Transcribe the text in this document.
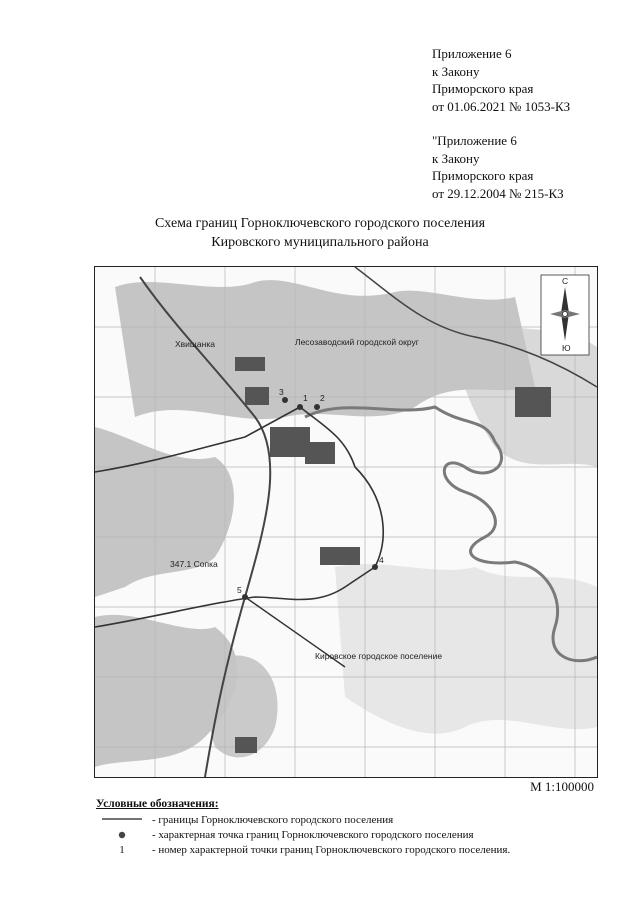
Приложение 6
к Закону
Приморского края
от 01.06.2021 № 1053-КЗ
"Приложение 6
к Закону
Приморского края
от 29.12.2004 № 215-КЗ
Схема границ Горноключевского городского поселения
Кировского муниципального района
1 2
3
4
5
Лесозаводский городской округ
Кировское городское поселение
Хвищанка
347.1 Сопка
С
Ю
М 1:100000
Условные обозначения:
- границы Горноключевского городского поселения
- характерная точка границ Горноключевского городского поселения
1	- номер характерной точки границ Горноключевского городского поселения.
